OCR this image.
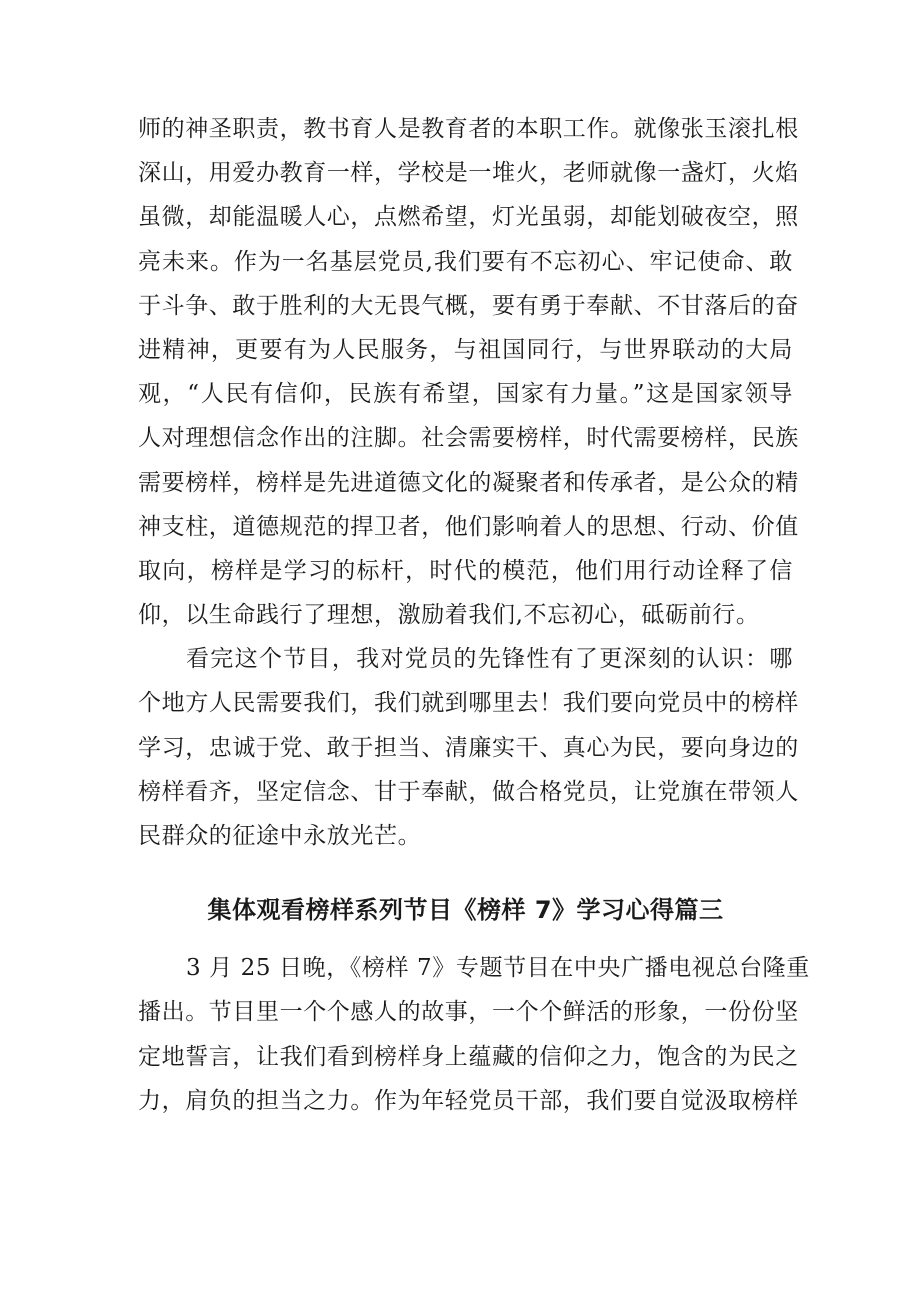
师的神圣职责，教书育人是教育者的本职工作。就像张玉滚扎根
深山，用爱办教育一样，学校是一堆火，老师就像一盏灯，火焰
虽微，却能温暖人心，点燃希望，灯光虽弱，却能划破夜空，照
亮未来。作为一名基层党员,我们要有不忘初心、牢记使命、敢
于斗争、敢于胜利的大无畏气概，要有勇于奉献、不甘落后的奋
进精神，更要有为人民服务，与祖国同行，与世界联动的大局
观，“人民有信仰，民族有希望，国家有力量。”这是国家领导
人对理想信念作出的注脚。社会需要榜样，时代需要榜样，民族
需要榜样，榜样是先进道德文化的凝聚者和传承者，是公众的精
神支柱，道德规范的捍卫者，他们影响着人的思想、行动、价值
取向，榜样是学习的标杆，时代的模范，他们用行动诠释了信
仰，以生命践行了理想，激励着我们,不忘初心，砥砺前行。
看完这个节目，我对党员的先锋性有了更深刻的认识：哪
个地方人民需要我们，我们就到哪里去！我们要向党员中的榜样
学习，忠诚于党、敢于担当、清廉实干、真心为民，要向身边的
榜样看齐，坚定信念、甘于奉献，做合格党员，让党旗在带领人
民群众的征途中永放光芒。
集体观看榜样系列节目《榜样 7》学习心得篇三
3 月 25 日晚，《榜样 7》专题节目在中央广播电视总台隆重
播出。节目里一个个感人的故事，一个个鲜活的形象，一份份坚
定地誓言，让我们看到榜样身上蕴藏的信仰之力，饱含的为民之
力，肩负的担当之力。作为年轻党员干部，我们要自觉汲取榜样
